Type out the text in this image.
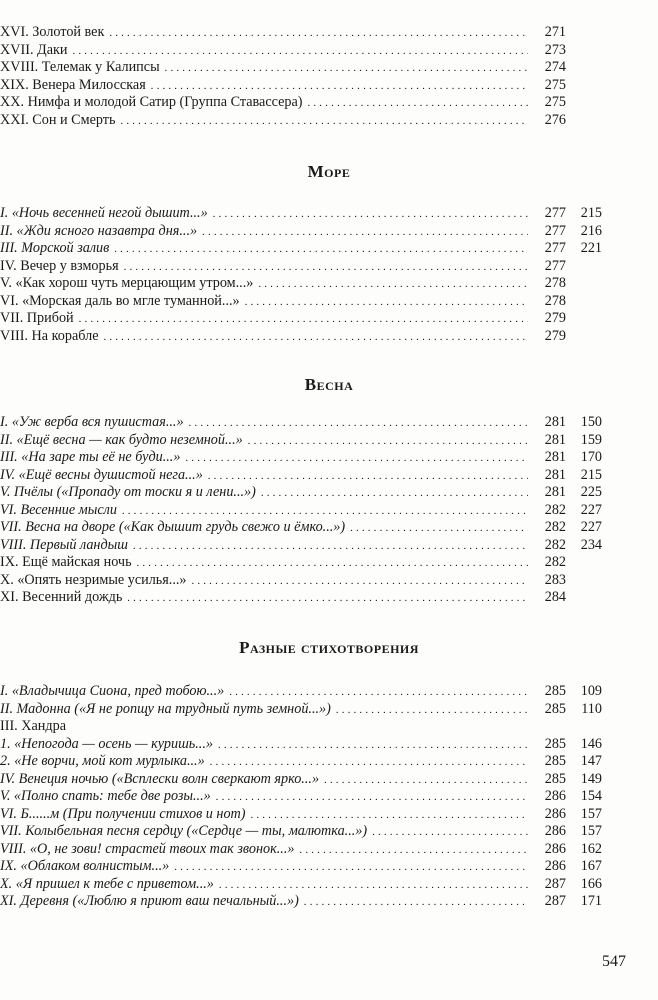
XVI. Золотой век . . .	271
XVII. Даки . . .	273
XVIII. Телемак у Калипсы . . .	274
XIX. Венера Милосская . . .	275
XX. Нимфа и молодой Сатир (Группа Ставассера) . . .	275
XXI. Сон и Смерть . . .	276
Море
I. «Ночь весенней негой дышит...» . . .	277	215
II. «Жди ясного назавтра дня...» . . .	277	216
III. Морской залив . . .	277	221
IV. Вечер у взморья . . .	277
V. «Как хорош чуть мерцающим утром...» . . .	278
VI. «Морская даль во мгле туманной...» . . .	278
VII. Прибой . . .	279
VIII. На корабле . . .	279
Весна
I. «Уж верба вся пушистая...» . . .	281	150
II. «Ещё весна — как будто неземной...» . . .	281	159
III. «На заре ты её не буди...» . . .	281	170
IV. «Ещё весны душистой нега...» . . .	281	215
V. Пчёлы («Пропаду от тоски я и лени...») . . .	281	225
VI. Весенние мысли . . .	282	227
VII. Весна на дворе («Как дышит грудь свежо и ёмко...») . . .	282	227
VIII. Первый ландыш . . .	282	234
IX. Ещё майская ночь . . .	282
X. «Опять незримые усилья...» . . .	283
XI. Весенний дождь . . .	284
Разные стихотворения
I. «Владычица Сиона, пред тобою...» . . .	285	109
II. Мадонна («Я не ропщу на трудный путь земной...») . . .	285	110
III. Хандра
1. «Непогода — осень — куришь...» . . .	285	146
2. «Не ворчи, мой кот мурлыка...» . . .	285	147
IV. Венеция ночью («Всплески волн сверкают ярко...» . . .	285	149
V. «Полно спать: тебе две розы...» . . .	286	154
VI. Б......м (При получении стихов и нот) . . .	286	157
VII. Колыбельная песня сердцу («Сердце — ты, малютка...») . . .	286	157
VIII. «О, не зови! страстей твоих так звонок...» . . .	286	162
IX. «Облаком волнистым...» . . .	286	167
X. «Я пришел к тебе с приветом...» . . .	287	166
XI. Деревня («Люблю я приют ваш печальный...») . . .	287	171
547
